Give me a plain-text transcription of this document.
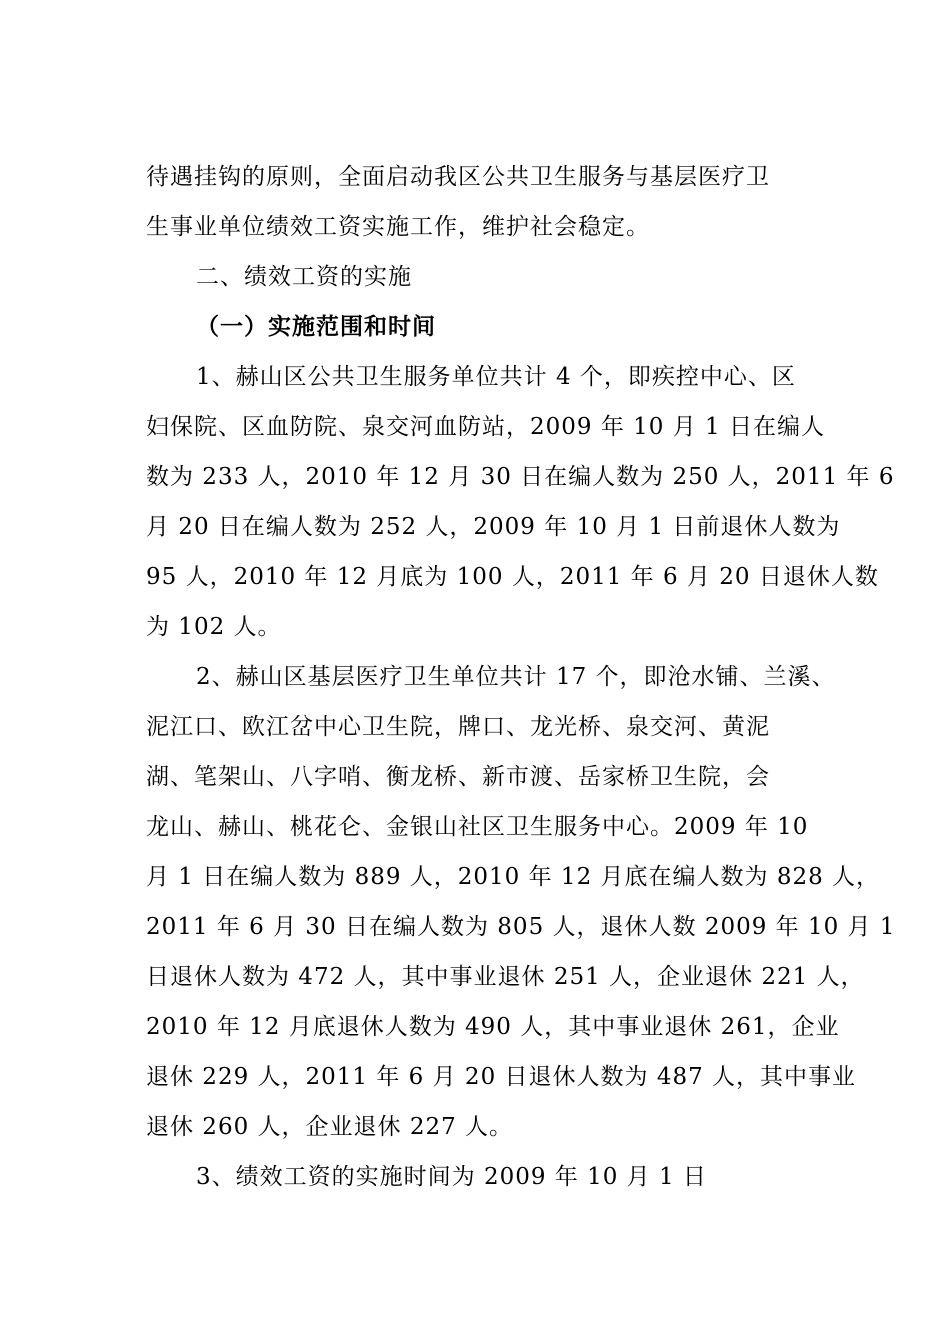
待遇挂钩的原则，全面启动我区公共卫生服务与基层医疗卫
生事业单位绩效工资实施工作，维护社会稳定。
二、绩效工资的实施
（一）实施范围和时间
1、赫山区公共卫生服务单位共计 4 个，即疾控中心、区
妇保院、区血防院、泉交河血防站，2009 年 10 月 1 日在编人
数为 233 人，2010 年 12 月 30 日在编人数为 250 人，2011 年 6
月 20 日在编人数为 252 人，2009 年 10 月 1 日前退休人数为
95 人，2010 年 12 月底为 100 人，2011 年 6 月 20 日退休人数
为 102 人。
2、赫山区基层医疗卫生单位共计 17 个，即沧水铺、兰溪、
泥江口、欧江岔中心卫生院，牌口、龙光桥、泉交河、黄泥
湖、笔架山、八字哨、衡龙桥、新市渡、岳家桥卫生院，会
龙山、赫山、桃花仑、金银山社区卫生服务中心。2009 年 10
月 1 日在编人数为 889 人，2010 年 12 月底在编人数为 828 人，
2011 年 6 月 30 日在编人数为 805 人，退休人数 2009 年 10 月 1
日退休人数为 472 人，其中事业退休 251 人，企业退休 221 人，
2010 年 12 月底退休人数为 490 人，其中事业退休 261，企业
退休 229 人，2011 年 6 月 20 日退休人数为 487 人，其中事业
退休 260 人，企业退休 227 人。
3、绩效工资的实施时间为 2009 年 10 月 1 日
